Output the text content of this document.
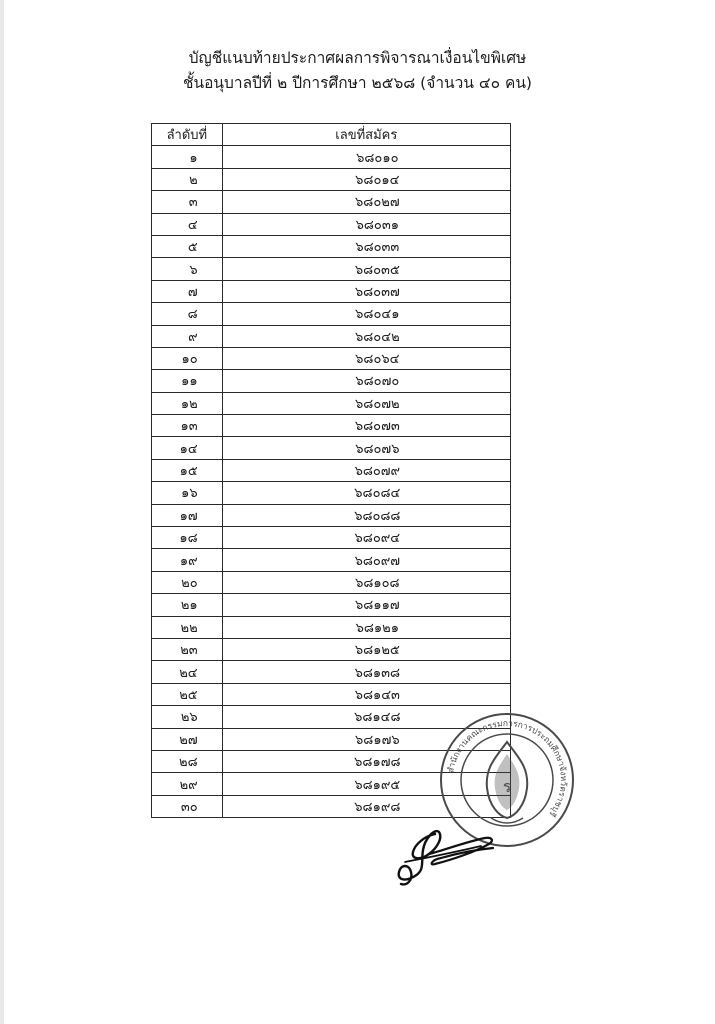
บัญชีแนบท้ายประกาศผลการพิจารณาเงื่อนไขพิเศษ
ชั้นอนุบาลปีที่ ๒ ปีการศึกษา ๒๕๖๘ (จำนวน ๔๐ คน)
ลำดับที่	เลขที่สมัคร
๑	๖๘๐๑๐
๒	๖๘๐๑๔
๓	๖๘๐๒๗
๔	๖๘๐๓๑
๕	๖๘๐๓๓
๖	๖๘๐๓๕
๗	๖๘๐๓๗
๘	๖๘๐๔๑
๙	๖๘๐๔๒
๑๐	๖๘๐๖๔
๑๑	๖๘๐๗๐
๑๒	๖๘๐๗๒
๑๓	๖๘๐๗๓
๑๔	๖๘๐๗๖
๑๕	๖๘๐๗๙
๑๖	๖๘๐๘๔
๑๗	๖๘๐๘๘
๑๘	๖๘๐๙๔
๑๙	๖๘๐๙๗
๒๐	๖๘๑๐๘
๒๑	๖๘๑๑๗
๒๒	๖๘๑๒๑
๒๓	๖๘๑๒๕
๒๔	๖๘๑๓๘
๒๕	๖๘๑๔๓
๒๖	๖๘๑๔๘
๒๗	๖๘๑๗๖
๒๘	๖๘๑๗๘
๒๙	๖๘๑๙๕
๓๐	๖๘๑๙๘
สำนักงานคณะกรรมการการประถมศึกษาจังหวัดราชบุรี
ร
